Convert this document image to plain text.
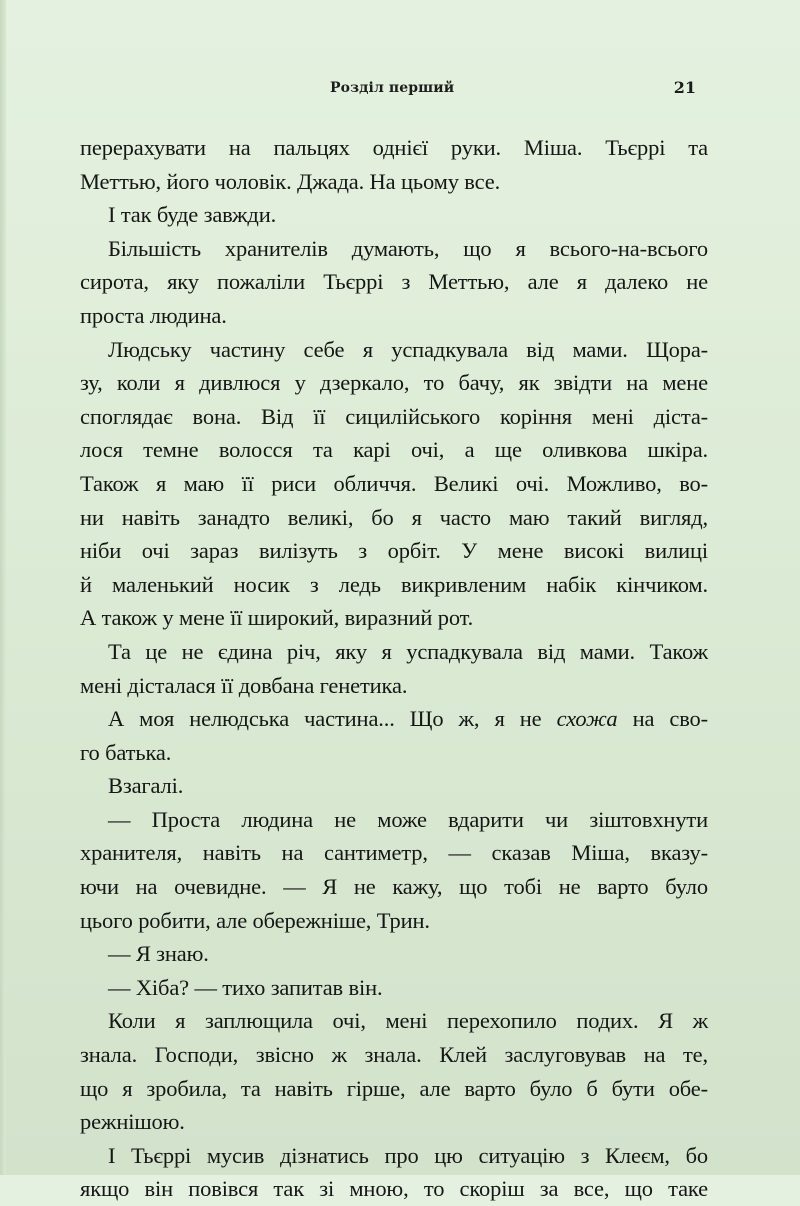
Розділ перший	21
перерахувати на пальцях однієї руки. Міша. Тьєррі та
Меттью, його чоловік. Джада. На цьому все.
І так буде завжди.
Більшість хранителів думають, що я всього-на-всього
сирота, яку пожаліли Тьєррі з Меттью, але я далеко не
проста людина.
Людську частину себе я успадкувала від мами. Щора-
зу, коли я дивлюся у дзеркало, то бачу, як звідти на мене
споглядає вона. Від її сицилійського коріння мені діста-
лося темне волосся та карі очі, а ще оливкова шкіра.
Також я маю її риси обличчя. Великі очі. Можливо, во-
ни навіть занадто великі, бо я часто маю такий вигляд,
ніби очі зараз вилізуть з орбіт. У мене високі вилиці
й маленький носик з ледь викривленим набік кінчиком.
А також у мене її широкий, виразний рот.
Та це не єдина річ, яку я успадкувала від мами. Також
мені дісталася її довбана генетика.
А моя нелюдська частина... Що ж, я не схожа на сво-
го батька.
Взагалі.
— Проста людина не може вдарити чи зіштовхнути
хранителя, навіть на сантиметр, — сказав Міша, вказу-
ючи на очевидне. — Я не кажу, що тобі не варто було
цього робити, але обережніше, Трин.
— Я знаю.
— Хіба? — тихо запитав він.
Коли я заплющила очі, мені перехопило подих. Я ж
знала. Господи, звісно ж знала. Клей заслуговував на те,
що я зробила, та навіть гірше, але варто було б бути обе-
режнішою.
І Тьєррі мусив дізнатись про цю ситуацію з Клеєм, бо
якщо він повівся так зі мною, то скоріш за все, що таке
